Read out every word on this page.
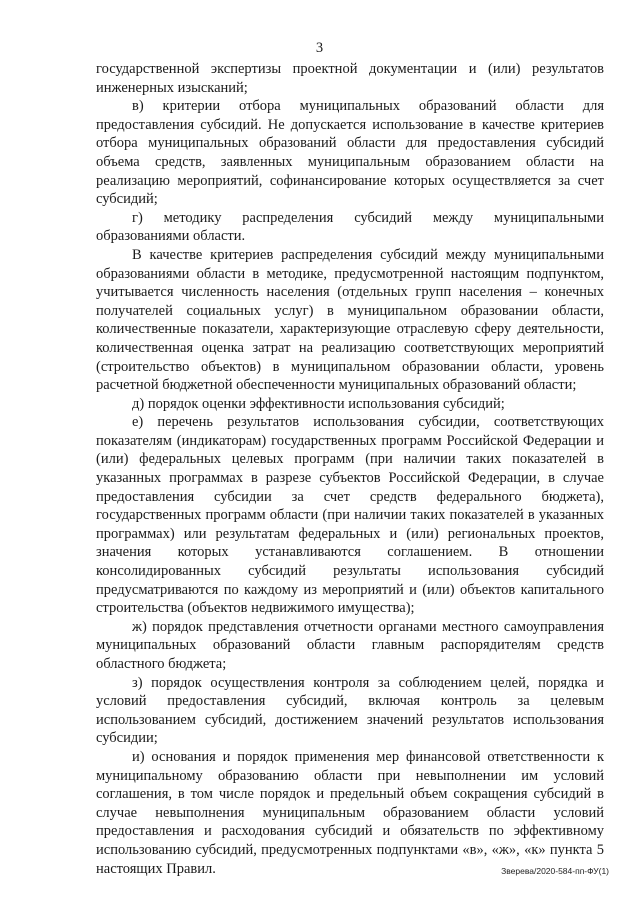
3

государственной экспертизы проектной документации и (или) результатов инженерных изысканий;

в) критерии отбора муниципальных образований области для предоставления субсидий. Не допускается использование в качестве критериев отбора муниципальных образований области для предоставления субсидий объема средств, заявленных муниципальным образованием области на реализацию мероприятий, софинансирование которых осуществляется за счет субсидий;

г) методику распределения субсидий между муниципальными образованиями области.

В качестве критериев распределения субсидий между муниципальными образованиями области в методике, предусмотренной настоящим подпунктом, учитывается численность населения (отдельных групп населения – конечных получателей социальных услуг) в муниципальном образовании области, количественные показатели, характеризующие отраслевую сферу деятельности, количественная оценка затрат на реализацию соответствующих мероприятий (строительство объектов) в муниципальном образовании области, уровень расчетной бюджетной обеспеченности муниципальных образований области;

д) порядок оценки эффективности использования субсидий;

е) перечень результатов использования субсидии, соответствующих показателям (индикаторам) государственных программ Российской Федерации и (или) федеральных целевых программ (при наличии таких показателей в указанных программах в разрезе субъектов Российской Федерации, в случае предоставления субсидии за счет средств федерального бюджета), государственных программ области (при наличии таких показателей в указанных программах) или результатам федеральных и (или) региональных проектов, значения которых устанавливаются соглашением. В отношении консолидированных субсидий результаты использования субсидий предусматриваются по каждому из мероприятий и (или) объектов капитального строительства (объектов недвижимого имущества);

ж) порядок представления отчетности органами местного самоуправления муниципальных образований области главным распорядителям средств областного бюджета;

з) порядок осуществления контроля за соблюдением целей, порядка и условий предоставления субсидий, включая контроль за целевым использованием субсидий, достижением значений результатов использования субсидии;

и) основания и порядок применения мер финансовой ответственности к муниципальному образованию области при невыполнении им условий соглашения, в том числе порядок и предельный объем сокращения субсидий в случае невыполнения муниципальным образованием области условий предоставления и расходования субсидий и обязательств по эффективному использованию субсидий, предусмотренных подпунктами «в», «ж», «к» пункта 5 настоящих Правил.	Зверева/2020-584-пп-ФУ(1)
